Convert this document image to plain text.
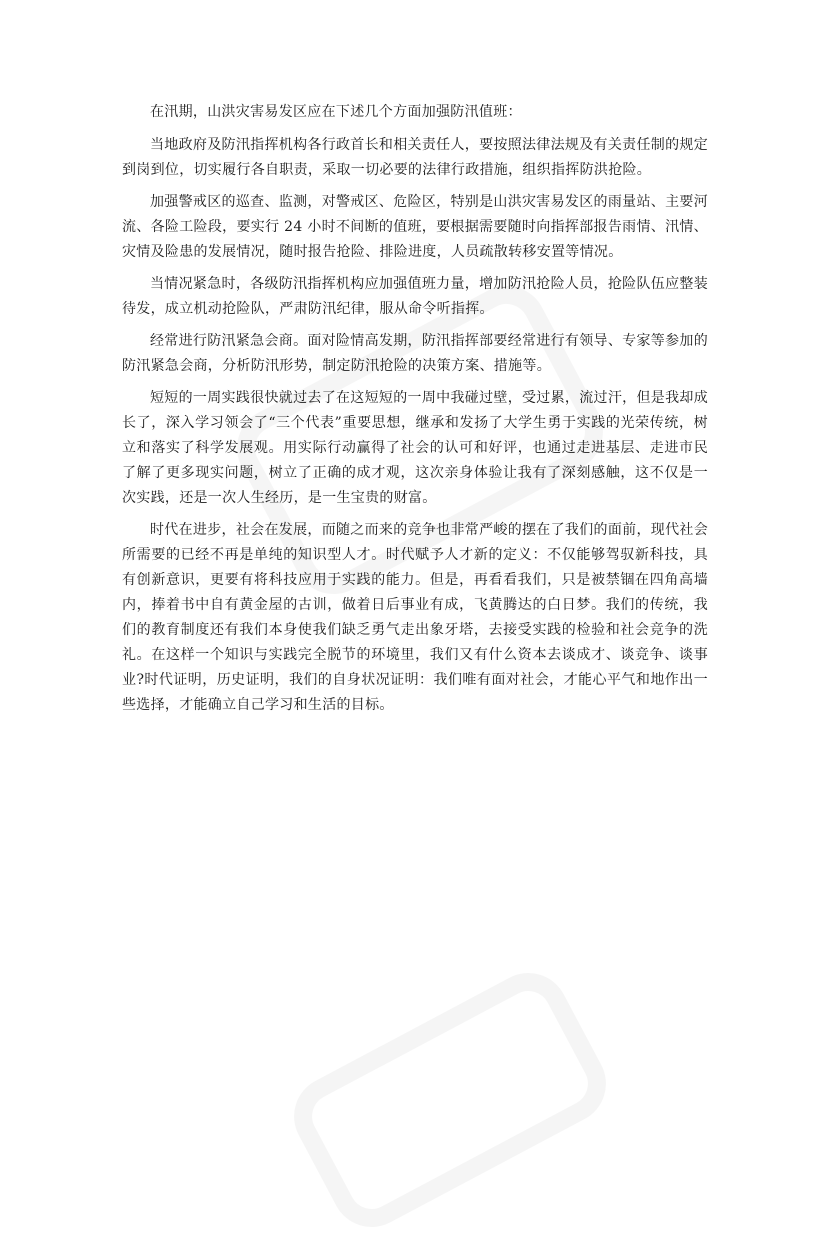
在汛期，山洪灾害易发区应在下述几个方面加强防汛值班：

当地政府及防汛指挥机构各行政首长和相关责任人，要按照法律法规及有关责任制的规定到岗到位，切实履行各自职责，采取一切必要的法律行政措施，组织指挥防洪抢险。

加强警戒区的巡查、监测，对警戒区、危险区，特别是山洪灾害易发区的雨量站、主要河流、各险工险段，要实行 24 小时不间断的值班，要根据需要随时向指挥部报告雨情、汛情、灾情及险患的发展情况，随时报告抢险、排险进度，人员疏散转移安置等情况。

当情况紧急时，各级防汛指挥机构应加强值班力量，增加防汛抢险人员，抢险队伍应整装待发，成立机动抢险队，严肃防汛纪律，服从命令听指挥。

经常进行防汛紧急会商。面对险情高发期，防汛指挥部要经常进行有领导、专家等参加的防汛紧急会商，分析防汛形势，制定防汛抢险的决策方案、措施等。

短短的一周实践很快就过去了在这短短的一周中我碰过壁，受过累，流过汗，但是我却成长了，深入学习领会了“三个代表”重要思想，继承和发扬了大学生勇于实践的光荣传统，树立和落实了科学发展观。用实际行动赢得了社会的认可和好评，也通过走进基层、走进市民了解了更多现实问题，树立了正确的成才观，这次亲身体验让我有了深刻感触，这不仅是一次实践，还是一次人生经历，是一生宝贵的财富。

时代在进步，社会在发展，而随之而来的竞争也非常严峻的摆在了我们的面前，现代社会所需要的已经不再是单纯的知识型人才。时代赋予人才新的定义：不仅能够驾驭新科技，具有创新意识，更要有将科技应用于实践的能力。但是，再看看我们，只是被禁锢在四角高墙内，捧着书中自有黄金屋的古训，做着日后事业有成，飞黄腾达的白日梦。我们的传统，我们的教育制度还有我们本身使我们缺乏勇气走出象牙塔，去接受实践的检验和社会竞争的洗礼。在这样一个知识与实践完全脱节的环境里，我们又有什么资本去谈成才、谈竞争、谈事业?时代证明，历史证明，我们的自身状况证明：我们唯有面对社会，才能心平气和地作出一些选择，才能确立自己学习和生活的目标。
